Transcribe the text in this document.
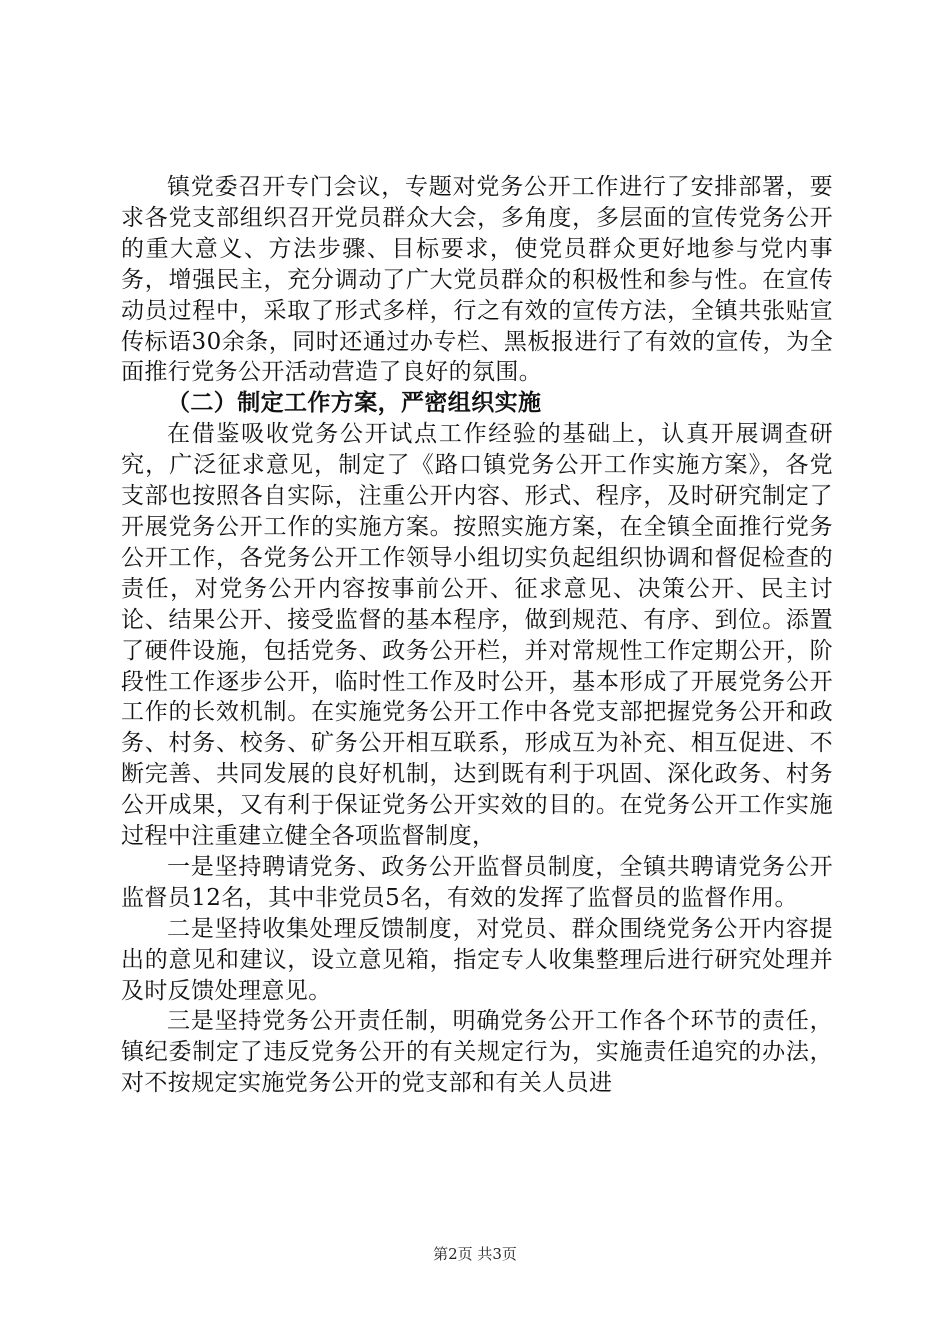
镇党委召开专门会议，专题对党务公开工作进行了安排部署，要求各党支部组织召开党员群众大会，多角度，多层面的宣传党务公开的重大意义、方法步骤、目标要求，使党员群众更好地参与党内事务，增强民主，充分调动了广大党员群众的积极性和参与性。在宣传动员过程中，采取了形式多样，行之有效的宣传方法，全镇共张贴宣传标语30余条，同时还通过办专栏、黑板报进行了有效的宣传，为全面推行党务公开活动营造了良好的氛围。

（二）制定工作方案，严密组织实施

在借鉴吸收党务公开试点工作经验的基础上，认真开展调查研究，广泛征求意见，制定了《路口镇党务公开工作实施方案》，各党支部也按照各自实际，注重公开内容、形式、程序，及时研究制定了开展党务公开工作的实施方案。按照实施方案，在全镇全面推行党务公开工作，各党务公开工作领导小组切实负起组织协调和督促检查的责任，对党务公开内容按事前公开、征求意见、决策公开、民主讨论、结果公开、接受监督的基本程序，做到规范、有序、到位。添置了硬件设施，包括党务、政务公开栏，并对常规性工作定期公开，阶段性工作逐步公开，临时性工作及时公开，基本形成了开展党务公开工作的长效机制。在实施党务公开工作中各党支部把握党务公开和政务、村务、校务、矿务公开相互联系，形成互为补充、相互促进、不断完善、共同发展的良好机制，达到既有利于巩固、深化政务、村务公开成果，又有利于保证党务公开实效的目的。在党务公开工作实施过程中注重建立健全各项监督制度，

一是坚持聘请党务、政务公开监督员制度，全镇共聘请党务公开监督员12名，其中非党员5名，有效的发挥了监督员的监督作用。

二是坚持收集处理反馈制度，对党员、群众围绕党务公开内容提出的意见和建议，设立意见箱，指定专人收集整理后进行研究处理并及时反馈处理意见。

三是坚持党务公开责任制，明确党务公开工作各个环节的责任，镇纪委制定了违反党务公开的有关规定行为，实施责任追究的办法，对不按规定实施党务公开的党支部和有关人员进

第2页 共3页
